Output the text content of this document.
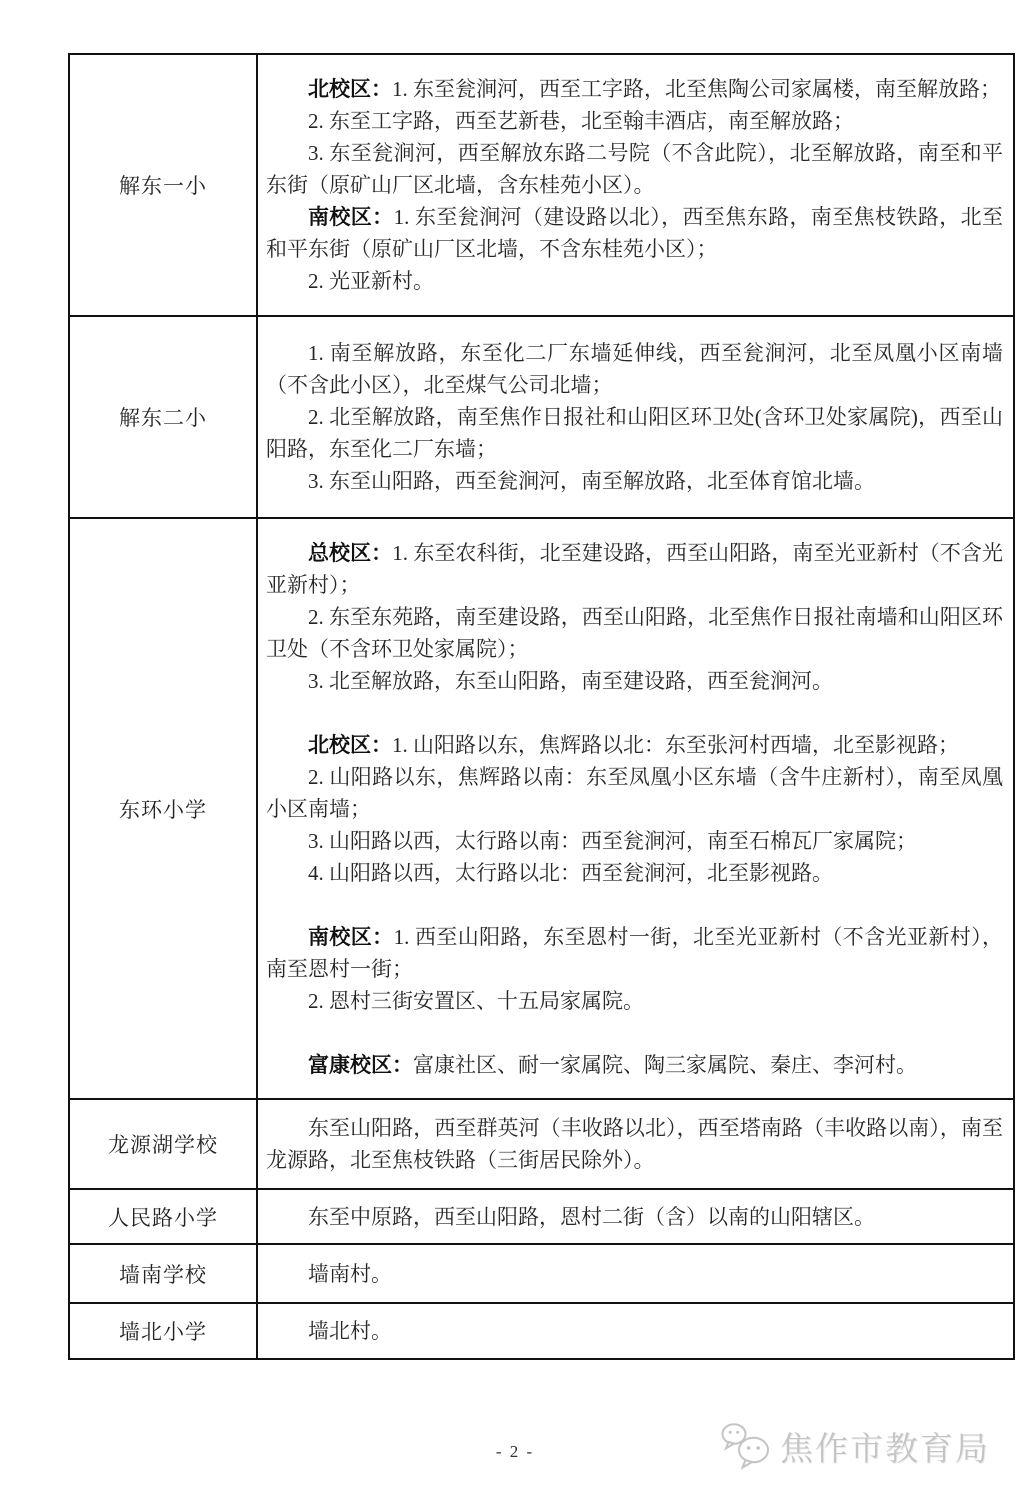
解东一小	北校区：1. 东至瓮涧河，西至工字路，北至焦陶公司家属楼，南至解放路；

2. 东至工字路，西至艺新巷，北至翰丰酒店，南至解放路；

3. 东至瓮涧河，西至解放东路二号院（不含此院），北至解放路，南至和平东街（原矿山厂区北墙，含东桂苑小区）。

南校区：1. 东至瓮涧河（建设路以北），西至焦东路，南至焦枝铁路，北至和平东街（原矿山厂区北墙，不含东桂苑小区）；

2. 光亚新村。

解东二小	1. 南至解放路，东至化二厂东墙延伸线，西至瓮涧河，北至凤凰小区南墙（不含此小区），北至煤气公司北墙；

2. 北至解放路，南至焦作日报社和山阳区环卫处(含环卫处家属院)，西至山阳路，东至化二厂东墙；

3. 东至山阳路，西至瓮涧河，南至解放路，北至体育馆北墙。

东环小学	

总校区：1. 东至农科街，北至建设路，西至山阳路，南至光亚新村（不含光亚新村）；

2. 东至东苑路，南至建设路，西至山阳路，北至焦作日报社南墙和山阳区环卫处（不含环卫处家属院）；

3. 北至解放路，东至山阳路，南至建设路，西至瓮涧河。

北校区：1. 山阳路以东，焦辉路以北：东至张河村西墙，北至影视路；

2. 山阳路以东，焦辉路以南：东至凤凰小区东墙（含牛庄新村），南至凤凰小区南墙；

3. 山阳路以西，太行路以南：西至瓮涧河，南至石棉瓦厂家属院；

4. 山阳路以西，太行路以北：西至瓮涧河，北至影视路。

南校区：1. 西至山阳路，东至恩村一街，北至光亚新村（不含光亚新村），南至恩村一街；

2. 恩村三街安置区、十五局家属院。

富康校区：富康社区、耐一家属院、陶三家属院、秦庄、李河村。

龙源湖学校	东至山阳路，西至群英河（丰收路以北），西至塔南路（丰收路以南），南至龙源路，北至焦枝铁路（三街居民除外）。

人民路小学	东至中原路，西至山阳路，恩村二街（含）以南的山阳辖区。

墙南学校	墙南村。

墙北小学	墙北村。

- 2 -	焦作市教育局
